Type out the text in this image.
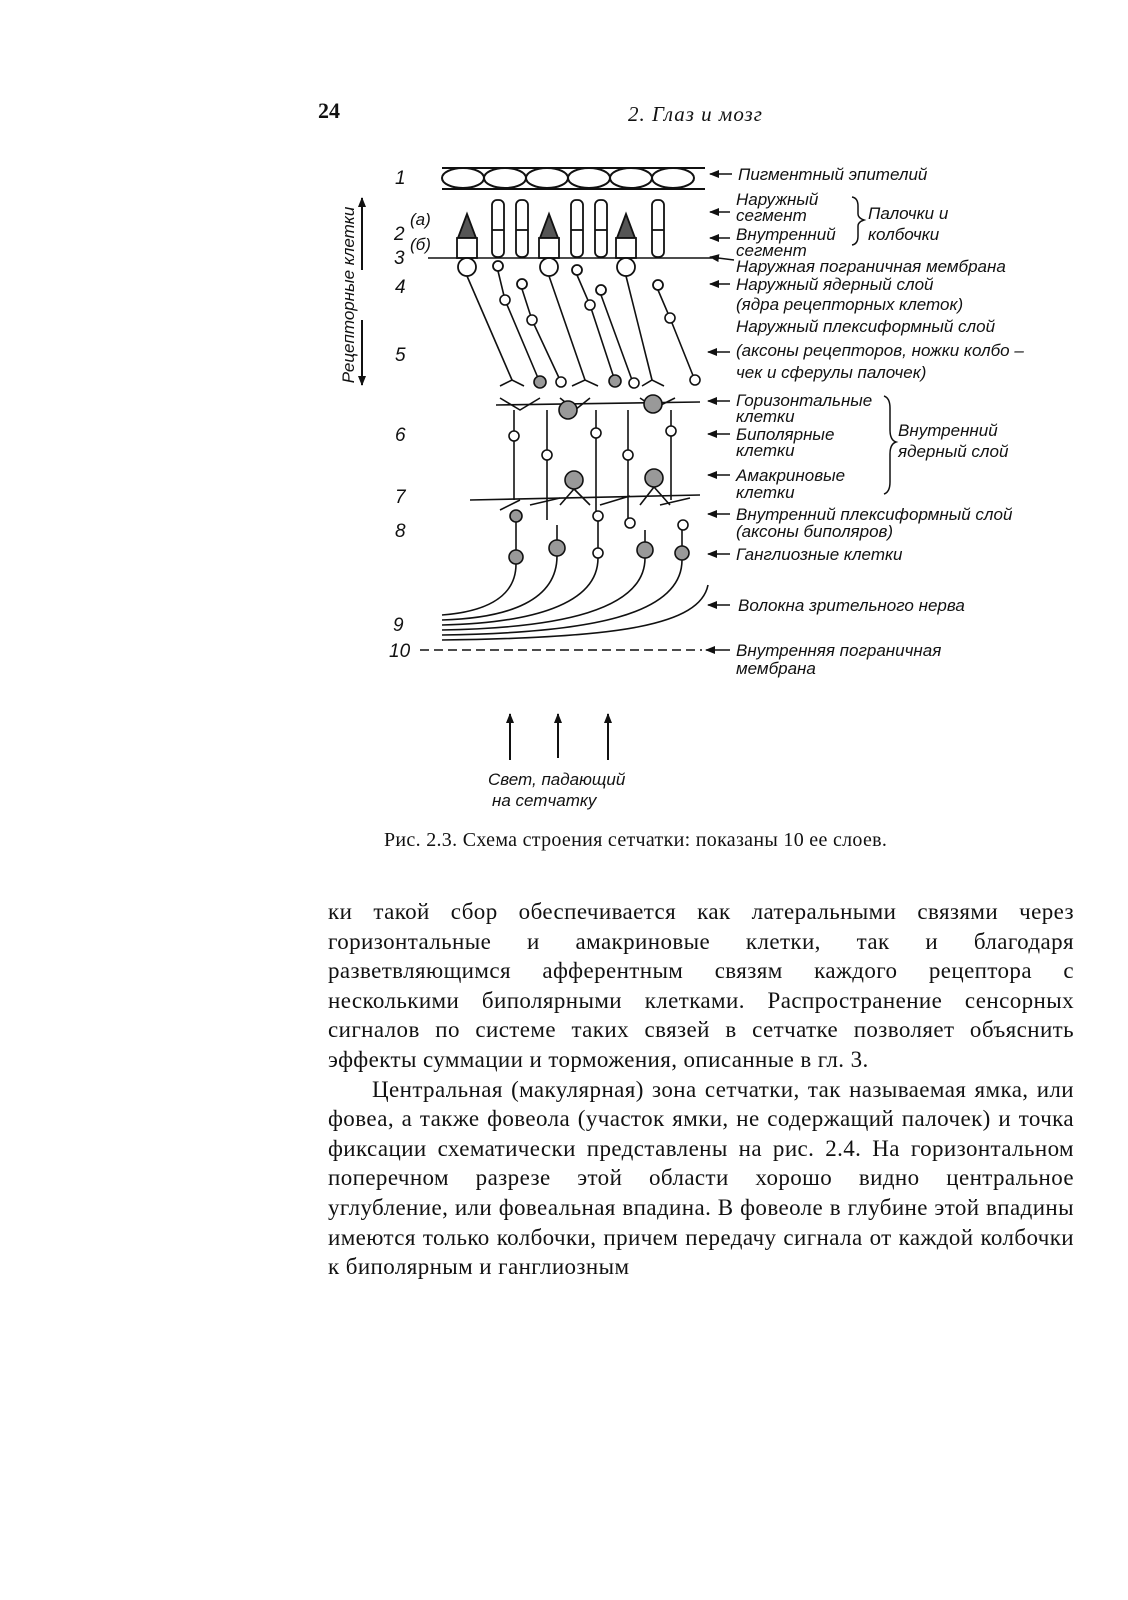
24	2. Глаз и мозг
Рецепторные клетки
1
2
3
4
5
6
7
8
9
10
(а)
(б)
Пигментный эпителий
Наружный
сегмент
Внутренний
сегмент
Палочки и
колбочки
Наружная пограничная мембрана
Наружный ядерный слой
(ядра рецепторных клеток)
Наружный плексиформный слой
(аксоны рецепторов, ножки колбо –
чек и сферулы палочек)
Горизонтальные
клетки
Биполярные
клетки
Амакриновые
клетки
Внутренний
ядерный слой
Внутренний плексиформный слой
(аксоны биполяров)
Ганглиозные клетки
Волокна зрительного нерва
Внутренняя пограничная
мембрана
Свет, падающий
на сетчатку
Рис. 2.3. Схема строения сетчатки: показаны 10 ее слоев.

ки такой сбор обеспечивается как латеральными связями через горизонтальные и амакриновые клетки, так и благодаря разветвляющимся афферентным связям каждого рецептора с несколькими биполярными клетками. Распространение сенсорных сигналов по системе таких связей в сетчатке позволяет объяснить эффекты суммации и торможения, описанные в гл. 3.

Центральная (макулярная) зона сетчатки, так называемая ямка, или фовеа, а также фовеола (участок ямки, не содержащий палочек) и точка фиксации схематически представлены на рис. 2.4. На горизонтальном поперечном разрезе этой области хорошо видно центральное углубление, или фовеальная впадина. В фовеоле в глубине этой впадины имеются только колбочки, причем передачу сигнала от каждой колбочки к биполярным и ганглиозным
